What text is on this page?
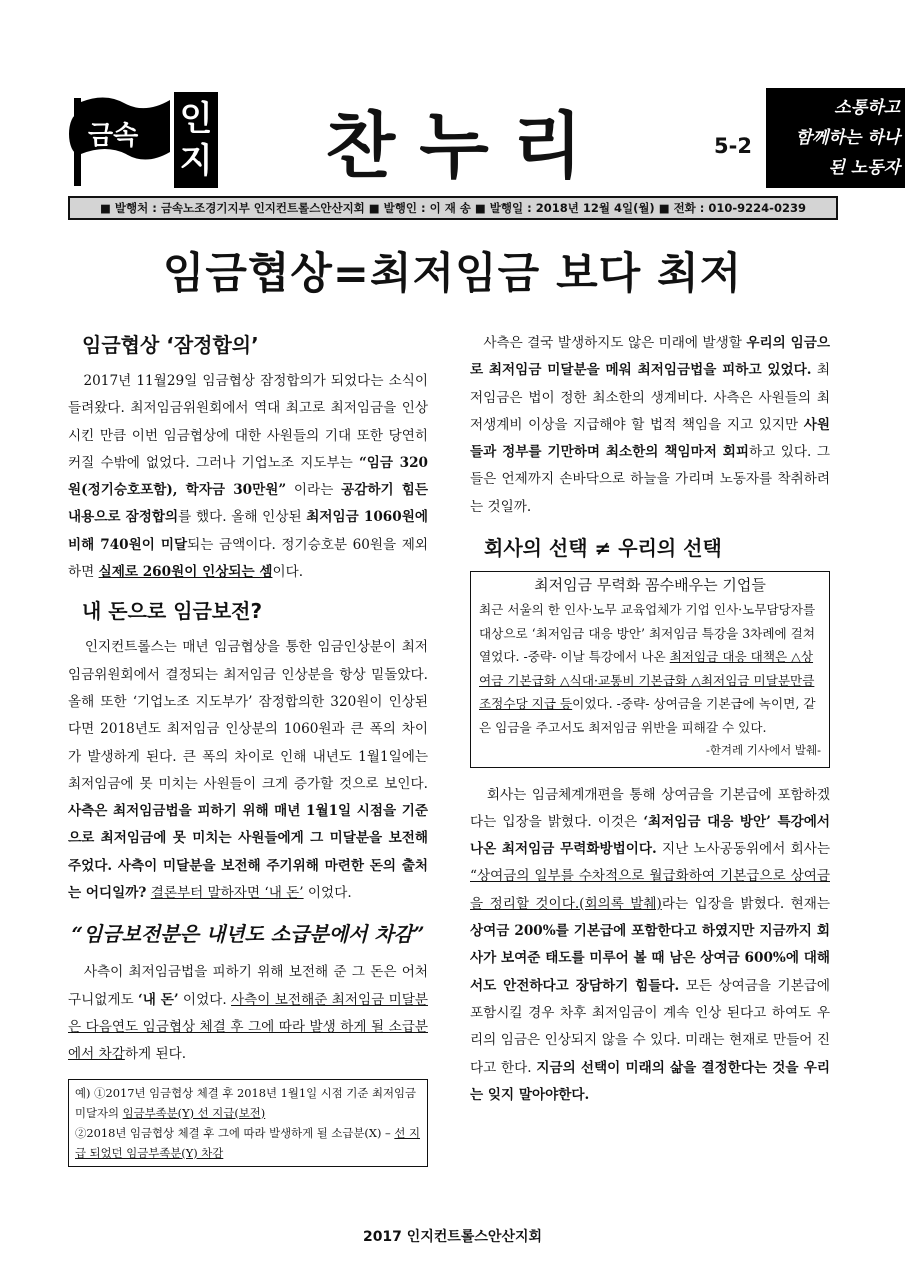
금속 인
지 찬누리	5-2
소통하고
함께하는 하나
된 노동자
■ 발행처 : 금속노조경기지부 인지컨트롤스안산지회 ■ 발행인 : 이 재 송 ■ 발행일 : 2018년 12월 4일(월) ■ 전화 : 010-9224-0239
임금협상=최저임금 보다 최저
임금협상 ‘잠정합의’

2017년 11월29일 임금협상 잠정합의가 되었다는 소식이 들려왔다. 최저임금위원회에서 역대 최고로 최저임금을 인상 시킨 만큼 이번 임금협상에 대한 사원들의 기대 또한 당연히 커질 수밖에 없었다. 그러나 기업노조 지도부는 “임금 320원(정기승호포함), 학자금 30만원” 이라는 공감하기 힘든 내용으로 잠정합의를 했다. 올해 인상된 최저임금 1060원에 비해 740원이 미달되는 금액이다. 정기승호분 60원을 제외하면 실제로 260원이 인상되는 셈이다.

내 돈으로 임금보전?

인지컨트롤스는 매년 임금협상을 통한 임금인상분이 최저임금위원회에서 결정되는 최저임금 인상분을 항상 밑돌았다. 올해 또한 ‘기업노조 지도부가’ 잠정합의한 320원이 인상된다면 2018년도 최저임금 인상분의 1060원과 큰 폭의 차이가 발생하게 된다. 큰 폭의 차이로 인해 내년도 1월1일에는 최저임금에 못 미치는 사원들이 크게 증가할 것으로 보인다. 사측은 최저임금법을 피하기 위해 매년 1월1일 시점을 기준으로 최저임금에 못 미치는 사원들에게 그 미달분을 보전해주었다. 사측이 미달분을 보전해 주기위해 마련한 돈의 출처는 어디일까? 결론부터 말하자면 ‘내 돈’ 이었다.

“임금보전분은 내년도 소급분에서 차감”

사측이 최저임금법을 피하기 위해 보전해 준 그 돈은 어처구니없게도 ‘내 돈’ 이었다. 사측이 보전해준 최저임금 미달분은 다음연도 임금협상 체결 후 그에 따라 발생 하게 될 소급분에서 차감하게 된다.

예) ①2017년 임금협상 체결 후 2018년 1월1일 시점 기준 최저임금 미달자의 임금부족분(Y) 선 지급(보전)
②2018년 임금협상 체결 후 그에 따라 발생하게 될 소급분(X) – 선 지급 되었던 임금부족분(Y) 차감

사측은 결국 발생하지도 않은 미래에 발생할 우리의 임금으로 최저임금 미달분을 메워 최저임금법을 피하고 있었다. 최저임금은 법이 정한 최소한의 생계비다. 사측은 사원들의 최저생계비 이상을 지급해야 할 법적 책임을 지고 있지만 사원들과 정부를 기만하며 최소한의 책임마저 회피하고 있다. 그들은 언제까지 손바닥으로 하늘을 가리며 노동자를 착취하려는 것일까.

회사의 선택 ≠ 우리의 선택
최저임금 무력화 꼼수배우는 기업들
최근 서울의 한 인사·노무 교육업체가 기업 인사·노무담당자를 대상으로 ‘최저임금 대응 방안’ 최저임금 특강을 3차례에 걸쳐 열었다. -중략- 이날 특강에서 나온 최저임금 대응 대책은 △상여금 기본급화 △식대·교통비 기본급화 △최저임금 미달분만큼 조정수당 지급 등이었다. -중략- 상여금을 기본급에 녹이면, 같은 임금을 주고서도 최저임금 위반을 피해갈 수 있다.
-한겨레 기사에서 발췌-

회사는 임금체계개편을 통해 상여금을 기본급에 포함하겠다는 입장을 밝혔다. 이것은 ‘최저임금 대응 방안’ 특강에서 나온 최저임금 무력화방법이다. 지난 노사공동위에서 회사는 “상여금의 일부를 수차적으로 월급화하여 기본급으로 상여금을 정리할 것이다.(회의록 발췌)라는 입장을 밝혔다. 현재는 상여금 200%를 기본급에 포함한다고 하였지만 지금까지 회사가 보여준 태도를 미루어 볼 때 남은 상여금 600%에 대해서도 안전하다고 장담하기 힘들다. 모든 상여금을 기본급에 포함시킬 경우 차후 최저임금이 계속 인상 된다고 하여도 우리의 임금은 인상되지 않을 수 있다. 미래는 현재로 만들어 진다고 한다. 지금의 선택이 미래의 삶을 결정한다는 것을 우리는 잊지 말아야한다.

2017 인지컨트롤스안산지회
